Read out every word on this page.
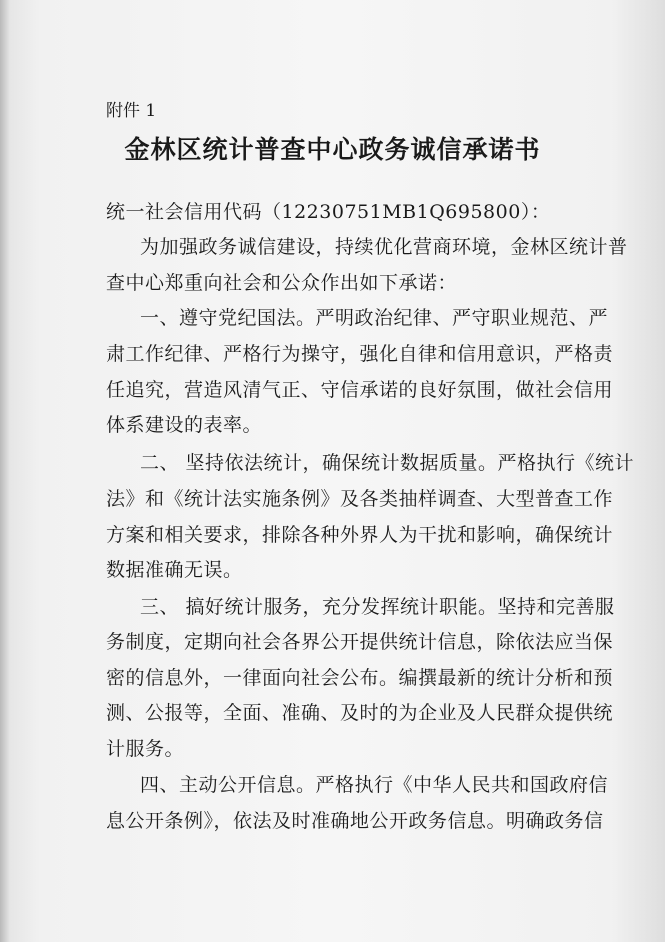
附件 1
金林区统计普查中心政务诚信承诺书
统一社会信用代码（12230751MB1Q695800）：
为加强政务诚信建设，持续优化营商环境，金林区统计普
查中心郑重向社会和公众作出如下承诺：
一、遵守党纪国法。严明政治纪律、严守职业规范、严
肃工作纪律、严格行为操守，强化自律和信用意识，严格责
任追究，营造风清气正、守信承诺的良好氛围，做社会信用
体系建设的表率。
二、 坚持依法统计，确保统计数据质量。严格执行《统计
法》和《统计法实施条例》及各类抽样调查、大型普查工作
方案和相关要求，排除各种外界人为干扰和影响，确保统计
数据准确无误。
三、 搞好统计服务，充分发挥统计职能。坚持和完善服
务制度，定期向社会各界公开提供统计信息，除依法应当保
密的信息外，一律面向社会公布。编撰最新的统计分析和预
测、公报等，全面、准确、及时的为企业及人民群众提供统
计服务。
四、主动公开信息。严格执行《中华人民共和国政府信
息公开条例》，依法及时准确地公开政务信息。明确政务信
